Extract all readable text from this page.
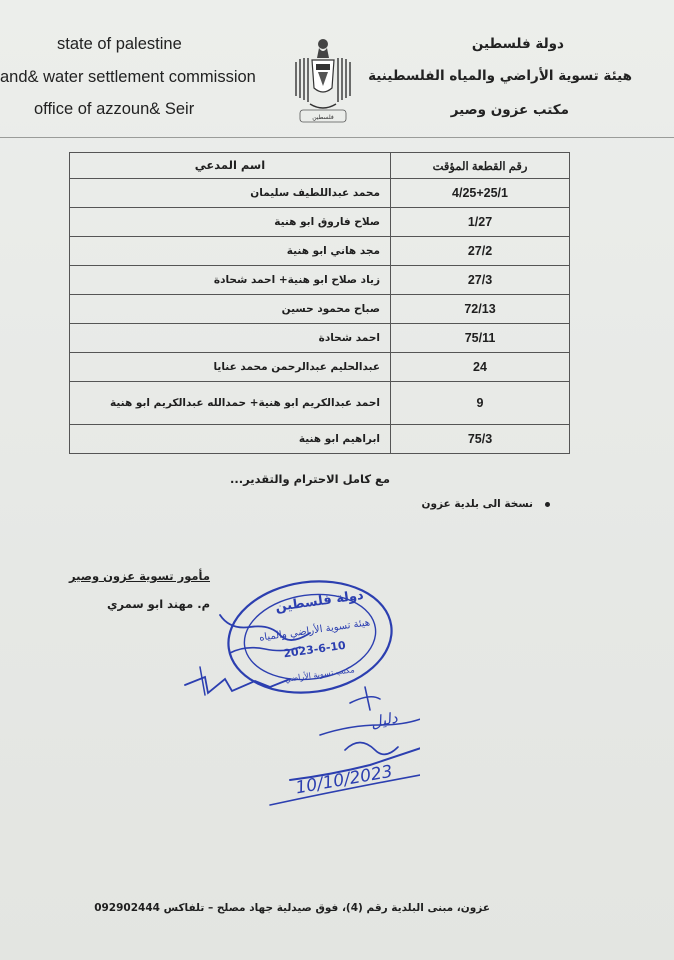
state of palestine
and& water settlement commission
office of azzoun& Seir
دولة فلسطين
هيئة تسوية الأراضي والمياه الفلسطينية
مكتب عزون وصير
فلسطين
رقم القطعة المؤقت	اسم المدعي
4/25+25/1	محمد عبداللطيف سليمان
1/27	صلاح فاروق ابو هنية
27/2	مجد هاني ابو هنية
27/3	زياد صلاح ابو هنية+ احمد شحادة
72/13	صباح محمود حسين
75/11	احمد شحادة
24	عبدالحليم عبدالرحمن محمد عنايا
9	احمد عبدالكريم ابو هنية+ حمدالله عبدالكريم ابو هنية
75/3	ابراهيم ابو هنية
مع كامل الاحترام والتقدير...
نسخة الى بلدية عزون
مأمور تسوية عزون وصير
م. مهند ابو سمري	دولة فلسطين
هيئة تسوية الأراضي والمياه
2023-6-10
مكتب تسوية الأراضي
دليل
10/10/2023
عزون، مبنى البلدية رقم (4)، فوق صيدلية جهاد مصلح – تلفاكس 092902444
